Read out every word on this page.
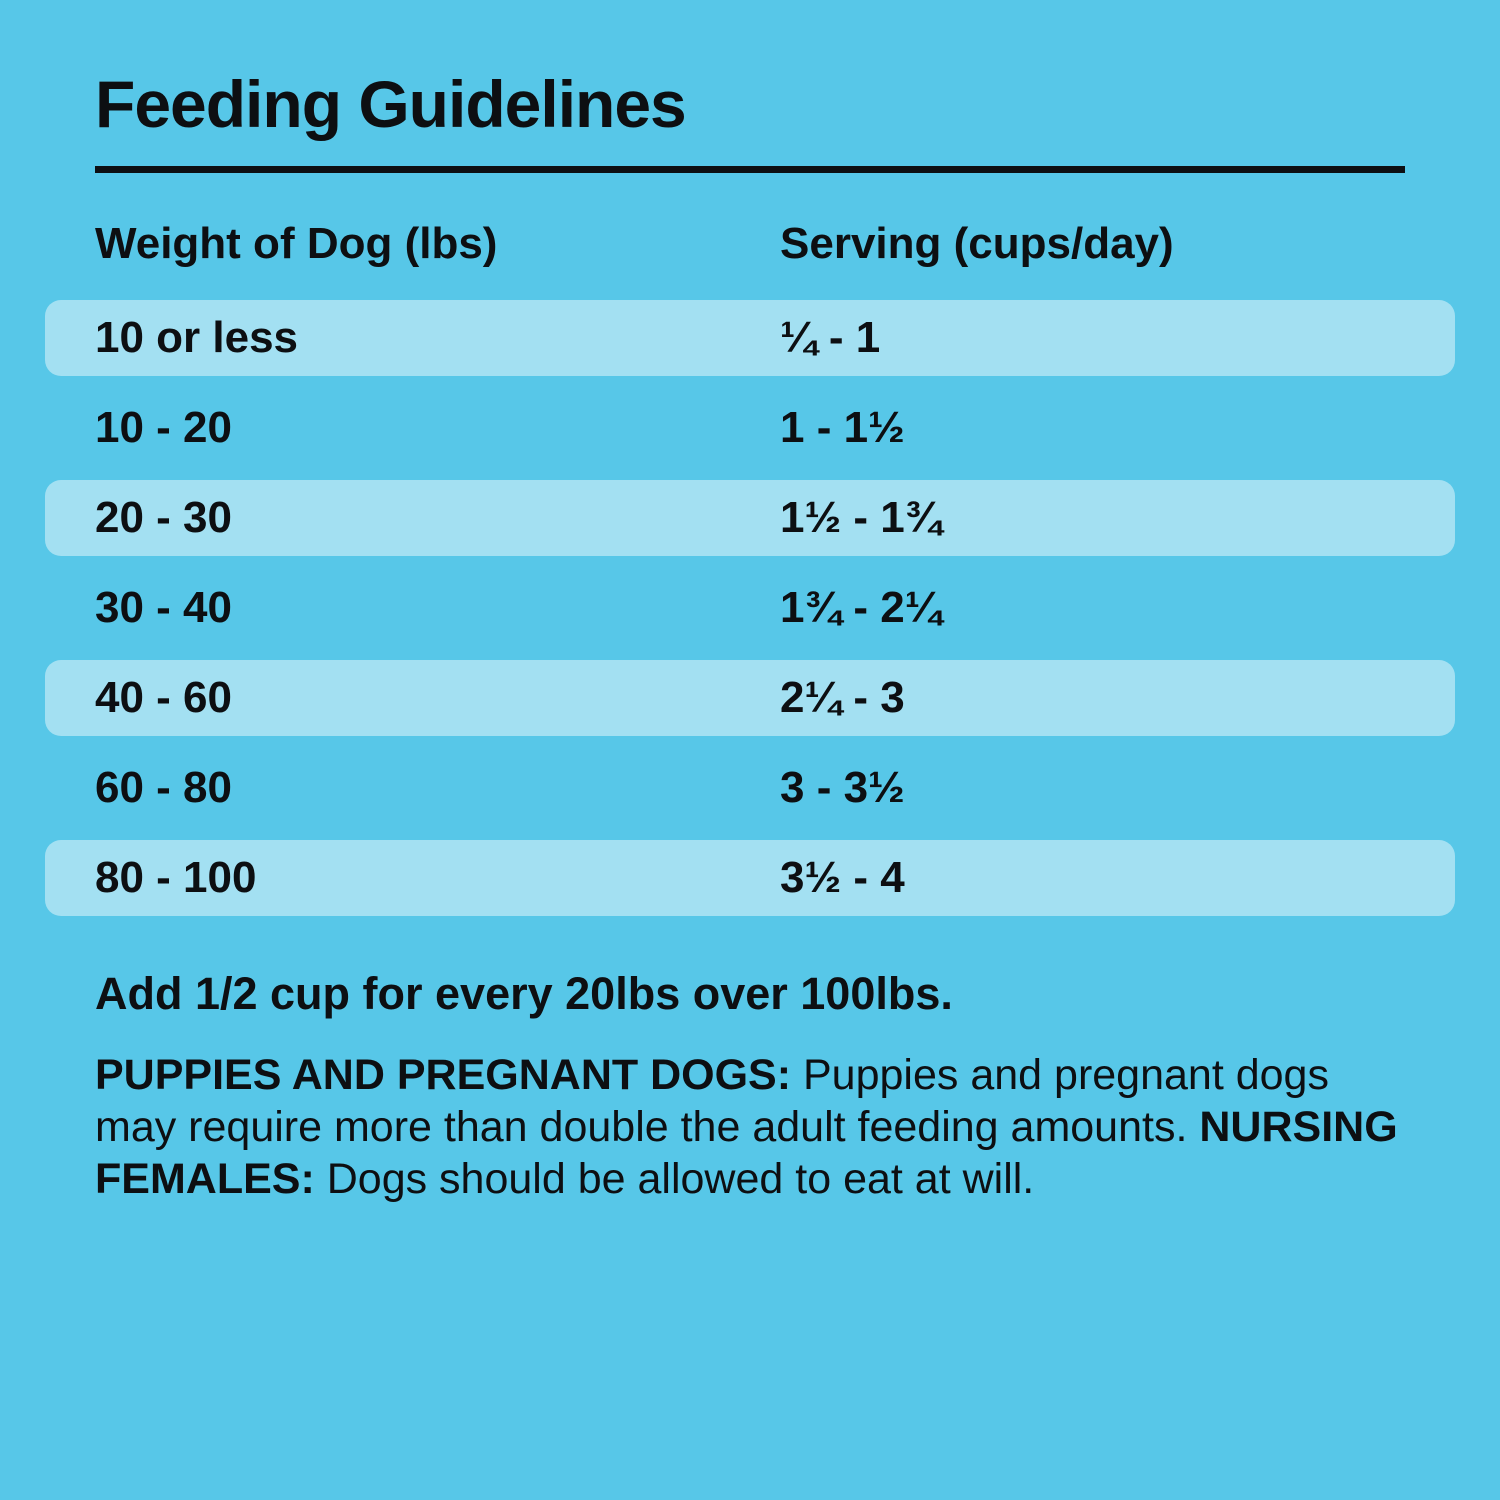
Feeding Guidelines
Weight of Dog (lbs)	Serving (cups/day)
10 or less	¼ - 1
10 - 20	1 - 1½
20 - 30	1½ - 1¾
30 - 40	1¾ - 2¼
40 - 60	2¼ - 3
60 - 80	3 - 3½
80 - 100	3½ - 4
Add 1/2 cup for every 20lbs over 100lbs.
PUPPIES AND PREGNANT DOGS: Puppies and pregnant dogs may require more than double the adult feeding amounts. NURSING FEMALES: Dogs should be allowed to eat at will.
